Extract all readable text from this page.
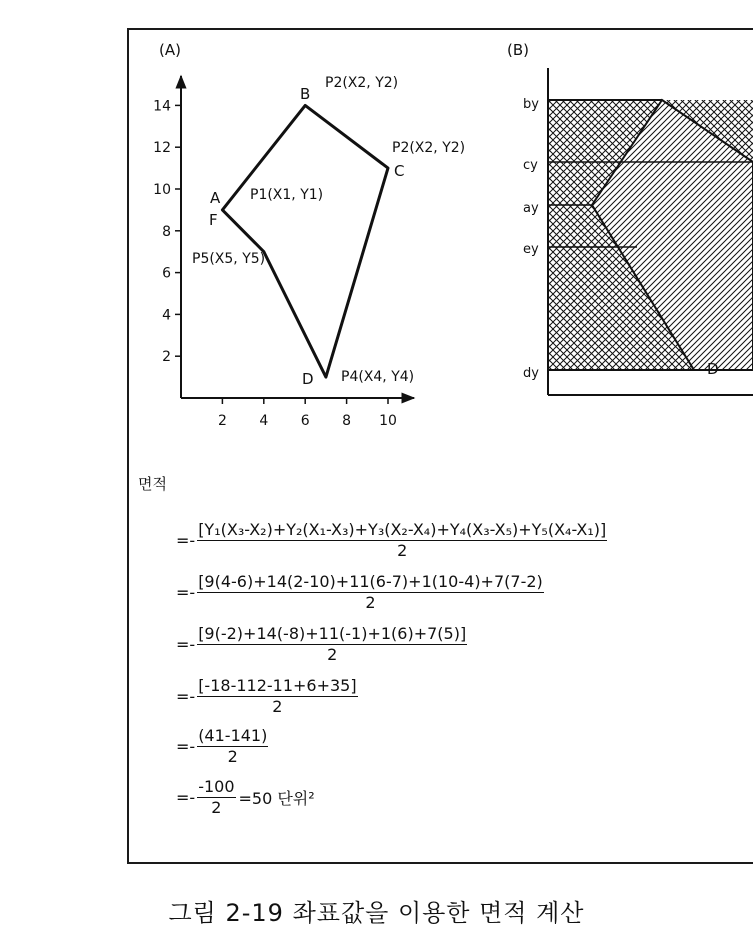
(A)
2
4
6
8
10
12
14
2 4 6 8 10
B
P2(X2, Y2)
C
P2(X2, Y2)
A P1(X1, Y1)
F
P5(X5, Y5)
D P4(X4, Y4)
(B)
by
cy
ay
ey
dy	D
면적
=- $\frac{\text{[Y₁(X₃-X₂)+Y₂(X₁-X₃)+Y₃(X₂-X₄)+Y₄(X₃-X₅)+Y₅(X₄-X₁)]}}{2}$
=- $\frac{[9(4-6)+14(2-10)+11(6-7)+1(10-4)+7(7-2)}{2}$
=- $\frac{[9(-2)+14(-8)+11(-1)+1(6)+7(5)]}{2}$
=- $\frac{[-18-112-11+6+35]}{2}$
=- $\frac{(41-141)}{2}$
=- $\frac{-100}{2} =50$ 단위²
그림 2-19 좌표값을 이용한 면적 계산
